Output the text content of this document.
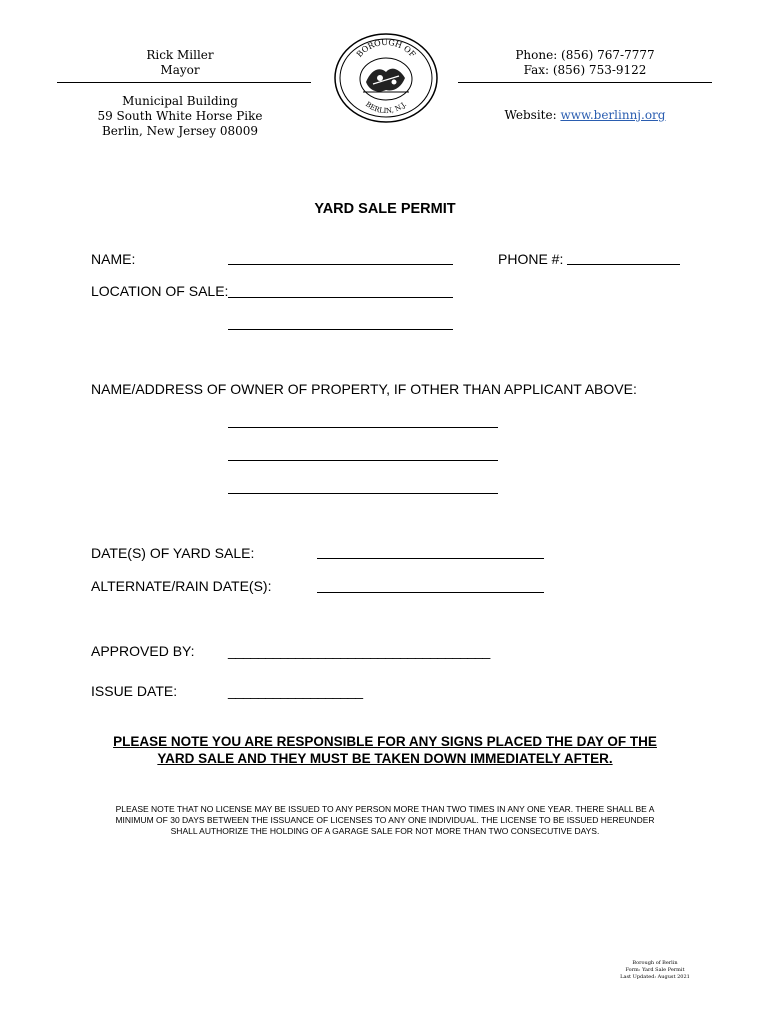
Rick Miller
Mayor
Municipal Building
59 South White Horse Pike
Berlin, New Jersey 08009
BOROUGH OF
BERLIN, N.J.
Phone: (856) 767-7777
Fax: (856) 753-9122
Website: www.berlinnj.org
YARD SALE PERMIT
NAME:	PHONE #:
LOCATION OF SALE:
NAME/ADDRESS OF OWNER OF PROPERTY, IF OTHER THAN APPLICANT ABOVE:
DATE(S) OF YARD SALE:
ALTERNATE/RAIN DATE(S):
APPROVED BY: ___________________________________
ISSUE DATE:	__________________
PLEASE NOTE YOU ARE RESPONSIBLE FOR ANY SIGNS PLACED THE DAY OF THE
YARD SALE AND THEY MUST BE TAKEN DOWN IMMEDIATELY AFTER.
PLEASE NOTE THAT NO LICENSE MAY BE ISSUED TO ANY PERSON MORE THAN TWO TIMES IN ANY ONE YEAR. THERE SHALL BE A
MINIMUM OF 30 DAYS BETWEEN THE ISSUANCE OF LICENSES TO ANY ONE INDIVIDUAL. THE LICENSE TO BE ISSUED HEREUNDER
SHALL AUTHORIZE THE HOLDING OF A GARAGE SALE FOR NOT MORE THAN TWO CONSECUTIVE DAYS.
Borough of Berlin
Form: Yard Sale Permit
Last Updated: August 2021
